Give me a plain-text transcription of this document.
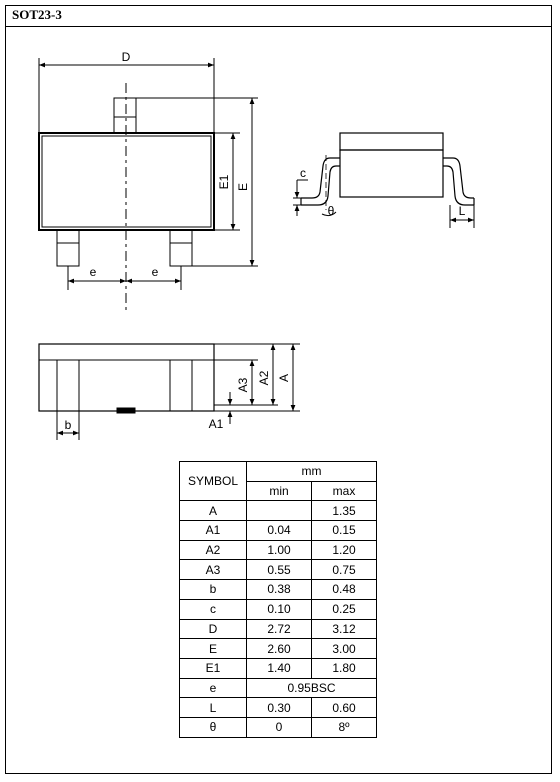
SOT23-3
D
E
E1
e	e
c
θ	L
A
A2
A3
A1
b
SYMBOL	mm	
	min	max
A		1.35
A1	0.04	0.15
A2	1.00	1.20
A3	0.55	0.75
b	0.38	0.48
c	0.10	0.25
D	2.72	3.12
E	2.60	3.00
E1	1.40	1.80
e	0.95BSC	
L	0.30	0.60
θ	0	8º
